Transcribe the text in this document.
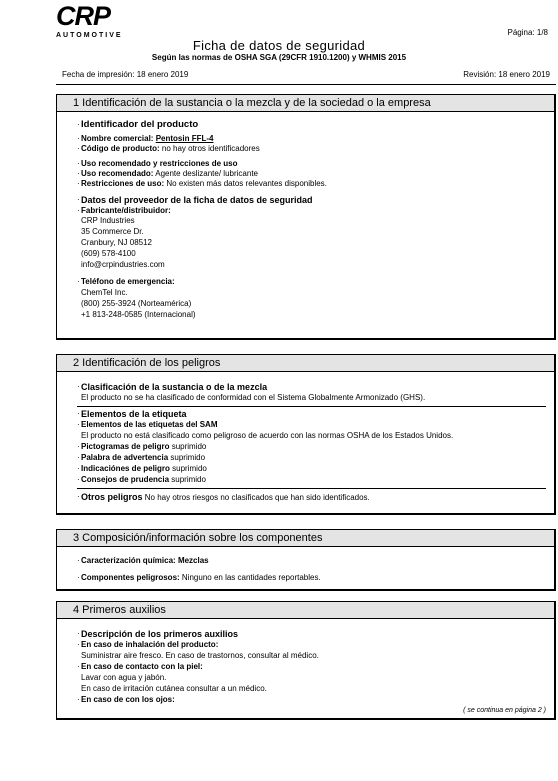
CRP
AUTOMOTIVE	Página: 1/8
Ficha de datos de seguridad
Según las normas de OSHA SGA (29CFR 1910.1200) y WHMIS 2015
Fecha de impresión: 18 enero 2019	Revisión: 18 enero 2019
1 Identificación de la sustancia o la mezcla y de la sociedad o la empresa
· Identificador del producto
· Nombre comercial: Pentosin FFL-4
· Código de producto: no hay otros identificadores
· Uso recomendado y restricciones de uso
· Uso recomendado: Agente deslizante/ lubricante
· Restricciones de uso: No existen más datos relevantes disponibles.
· Datos del proveedor de la ficha de datos de seguridad
· Fabricante/distribuidor:
CRP Industries
35 Commerce Dr.
Cranbury, NJ 08512
(609) 578-4100
info@crpindustries.com
· Teléfono de emergencia:
ChemTel Inc.
(800) 255-3924 (Norteamérica)
+1 813-248-0585 (Internacional)
2 Identificación de los peligros
· Clasificación de la sustancia o de la mezcla
El producto no se ha clasificado de conformidad con el Sistema Globalmente Armonizado (GHS).
· Elementos de la etiqueta
· Elementos de las etiquetas del SAM
El producto no está clasificado como peligroso de acuerdo con las normas OSHA de los Estados Unidos.
· Pictogramas de peligro suprimido
· Palabra de advertencia suprimido
· Indicaciónes de peligro suprimido
· Consejos de prudencia suprimido
· Otros peligros No hay otros riesgos no clasificados que han sido identificados.
3 Composición/información sobre los componentes
· Caracterización química: Mezclas
· Componentes peligrosos: Ninguno en las cantidades reportables.
4 Primeros auxilios
· Descripción de los primeros auxilios
· En caso de inhalación del producto:
Suministrar aire fresco. En caso de trastornos, consultar al médico.
· En caso de contacto con la piel:
Lavar con agua y jabón.
En caso de irritación cutánea consultar a un médico.
· En caso de con los ojos:
( se continua en página 2 )
